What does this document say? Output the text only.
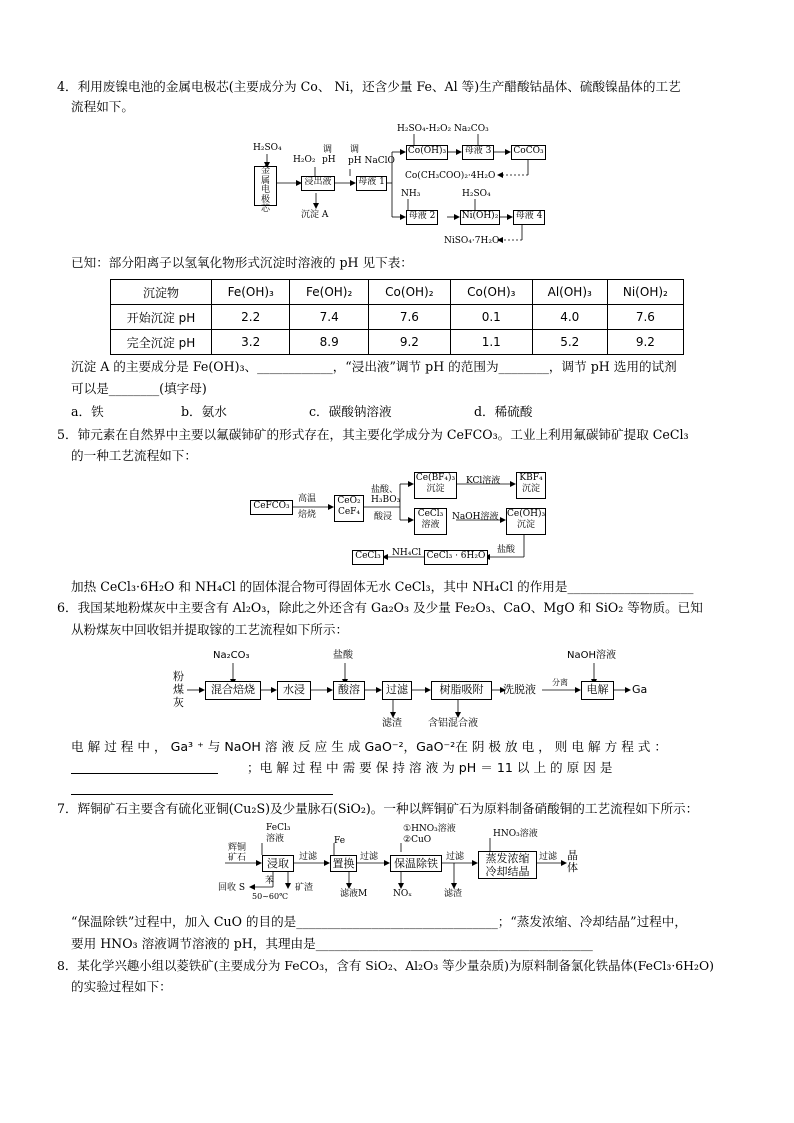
4．利用废镍电池的金属电极芯(主要成分为 Co、 Ni，还含少量 Fe、Al 等)生产醋酸钴晶体、硫酸镍晶体的工艺
流程如下。
H₂SO₄
金属电极芯
调
H₂O₂ pH
调
pH NaClO
浸出液	母液 1
沉淀 A
H₂SO₄-H₂O₂ Na₂CO₃
Co(OH)₃	母液 3	CoCO₃
Co(CH₃COO)₂·4H₂O
NH₃	H₂SO₄
母液 2	Ni(OH)₂	母液 4
NiSO₄·7H₂O
已知：部分阳离子以氢氧化物形式沉淀时溶液的 pH 见下表：
沉淀物	Fe(OH)₃	Fe(OH)₂	Co(OH)₂	Co(OH)₃	Al(OH)₃	Ni(OH)₂
开始沉淀 pH	2.2	7.4	7.6	0.1	4.0	7.6
完全沉淀 pH	3.2	8.9	9.2	1.1	5.2	9.2
沉淀 A 的主要成分是 Fe(OH)₃、____________，“浸出液”调节 pH 的范围为________，调节 pH 选用的试剂
可以是________(填字母)
a．铁	b．氨水	c．碳酸钠溶液	d．稀硫酸
5．铈元素在自然界中主要以氟碳铈矿的形式存在，其主要化学成分为 CeFCO₃。工业上利用氟碳铈矿提取 CeCl₃
的一种工艺流程如下：
CeFCO₃
高温
焙烧
CeO₂
CeF₄
盐酸、
H₃BO₃
酸浸
Ce(BF₄)₃
沉淀
KCl溶液 KBF₄
沉淀
CeCl₃
溶液
NaOH溶液 Ce(OH)₃
沉淀
盐酸
CeCl₃ · 6H₂O
NH₄Cl
CeCl₃
加热 CeCl₃·6H₂O 和 NH₄Cl 的固体混合物可得固体无水 CeCl₃，其中 NH₄Cl 的作用是____________________
6．我国某地粉煤灰中主要含有 Al₂O₃，除此之外还含有 Ga₂O₃ 及少量 Fe₂O₃、CaO、MgO 和 SiO₂ 等物质。已知
从粉煤灰中回收铝并提取镓的工艺流程如下所示：
Na₂CO₃	盐酸	NaOH溶液
粉煤灰
混合焙烧	水浸	酸溶	过滤	树脂吸附	洗脱液
分离
电解	Ga
滤渣	含铝混合液
电 解 过 程 中 ， Ga³ ⁺ 与 NaOH 溶 液 反 应 生 成 GaO⁻²，GaO⁻²在 阴 极 放 电 ， 则 电 解 方 程 式 ：
；电 解 过 程 中 需 要 保 持 溶 液 为 pH ＝ 11 以 上 的 原 因 是
7．辉铜矿石主要含有硫化亚铜(Cu₂S)及少量脉石(SiO₂)。一种以辉铜矿石为原料制备硝酸铜的工艺流程如下所示：
辉铜矿石
FeCl₃溶液
浸取	过滤
Fe
置换 过滤
①HNO₃溶液
②CuO
保温除铁 过滤
HNO₃溶液
蒸发浓缩
冷却结晶
过滤 晶体
回收 S
苯
50~60℃
矿渣
滤液M	NOₓ	滤渣
“保温除铁”过程中，加入 CuO 的目的是________________________________；“蒸发浓缩、冷却结晶”过程中，
要用 HNO₃ 溶液调节溶液的 pH，其理由是____________________________________________
8．某化学兴趣小组以菱铁矿(主要成分为 FeCO₃，含有 SiO₂、Al₂O₃ 等少量杂质)为原料制备氯化铁晶体(FeCl₃·6H₂O)
的实验过程如下：
